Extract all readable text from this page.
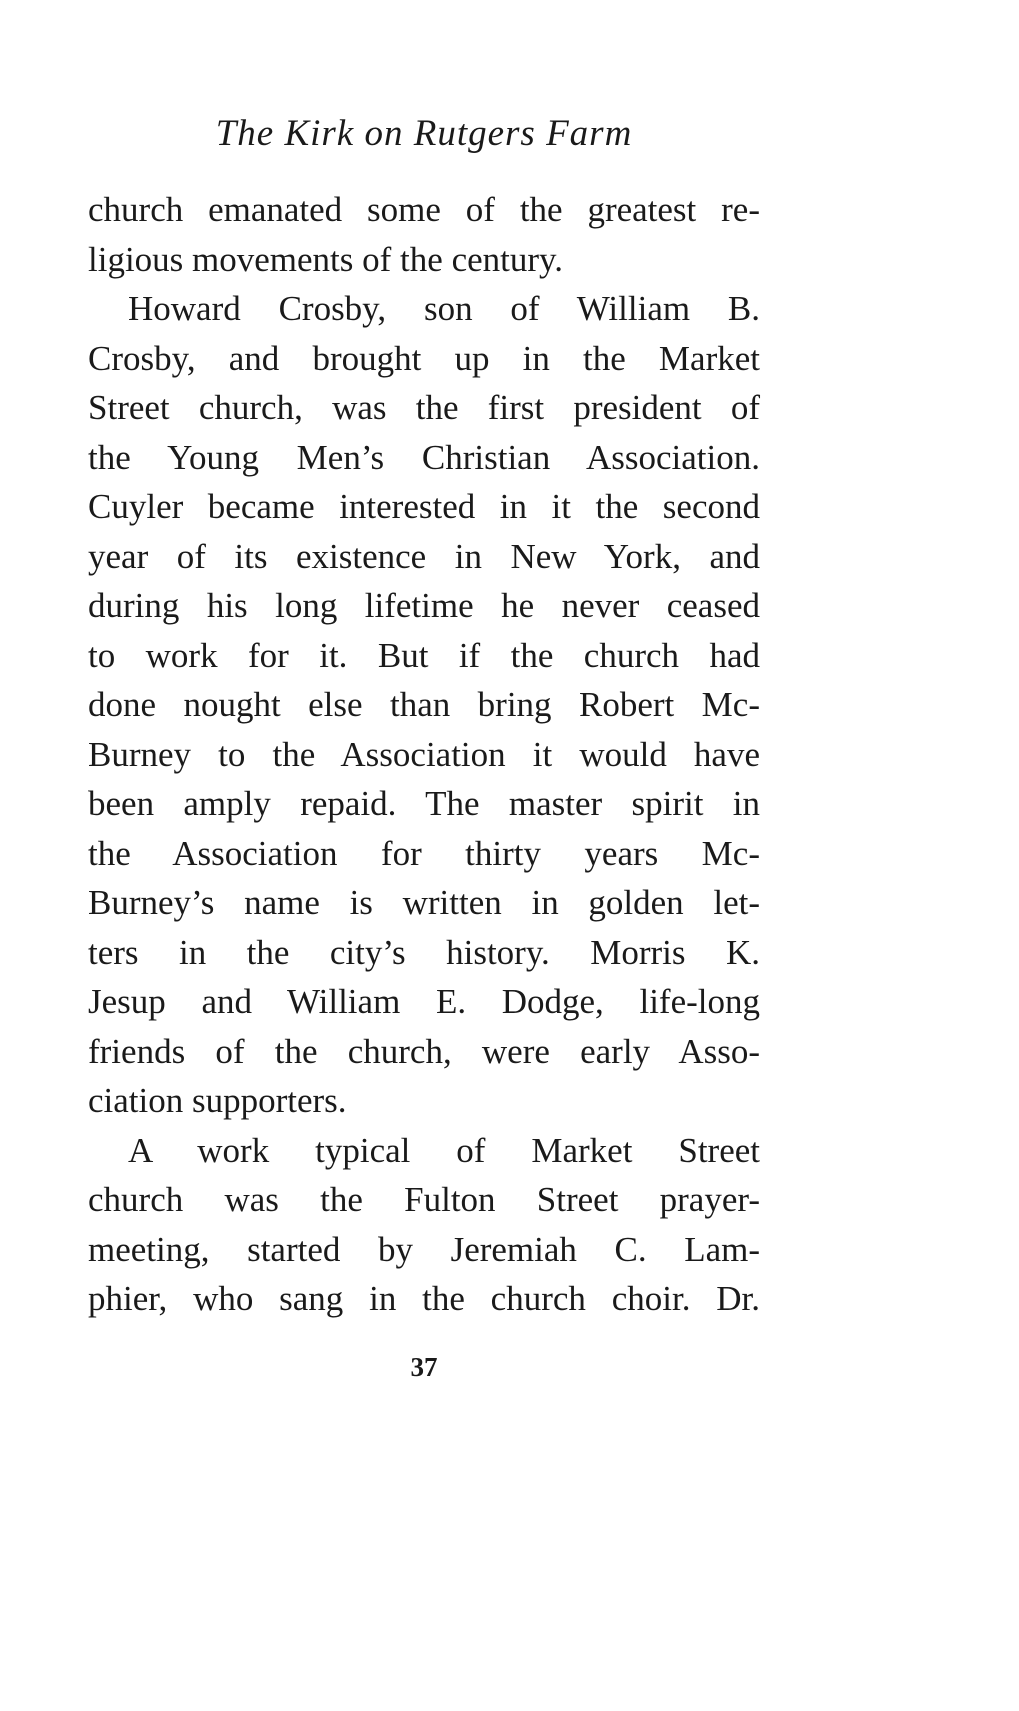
The Kirk on Rutgers Farm
church emanated some of the greatest re-
ligious movements of the century.
Howard Crosby, son of William B.
Crosby, and brought up in the Market
Street church, was the first president of
the Young Men’s Christian Association.
Cuyler became interested in it the second
year of its existence in New York, and
during his long lifetime he never ceased
to work for it. But if the church had
done nought else than bring Robert Mc-
Burney to the Association it would have
been amply repaid. The master spirit in
the Association for thirty years Mc-
Burney’s name is written in golden let-
ters in the city’s history. Morris K.
Jesup and William E. Dodge, life-long
friends of the church, were early Asso-
ciation supporters.
A work typical of Market Street
church was the Fulton Street prayer-
meeting, started by Jeremiah C. Lam-
phier, who sang in the church choir. Dr.
37
